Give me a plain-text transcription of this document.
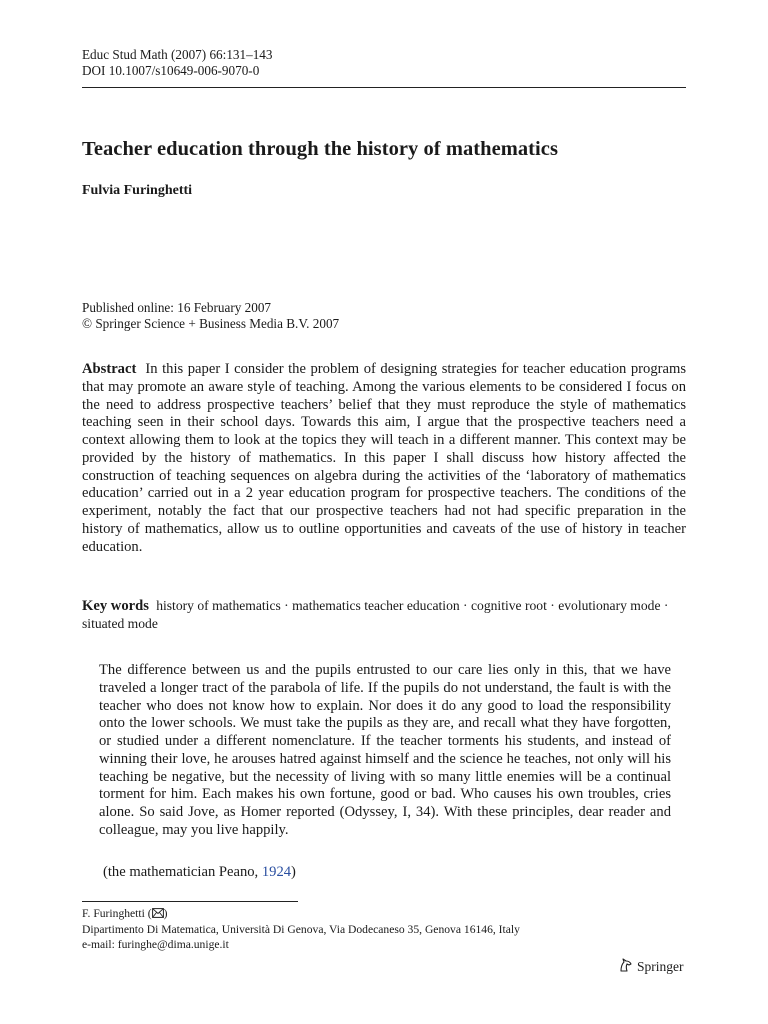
Educ Stud Math (2007) 66:131–143
DOI 10.1007/s10649-006-9070-0
Teacher education through the history of mathematics
Fulvia Furinghetti
Published online: 16 February 2007
© Springer Science + Business Media B.V. 2007
Abstract In this paper I consider the problem of designing strategies for teacher education programs that may promote an aware style of teaching. Among the various elements to be considered I focus on the need to address prospective teachers’ belief that they must reproduce the style of mathematics teaching seen in their school days. Towards this aim, I argue that the prospective teachers need a context allowing them to look at the topics they will teach in a different manner. This context may be provided by the history of mathematics. In this paper I shall discuss how history affected the construction of teaching sequences on algebra during the activities of the ‘laboratory of mathematics education’ carried out in a 2 year education program for prospective teachers. The conditions of the experiment, notably the fact that our prospective teachers had not had specific preparation in the history of mathematics, allow us to outline opportunities and caveats of the use of history in teacher education.
Key words history of mathematics · mathematics teacher education · cognitive root · evolutionary mode · situated mode
The difference between us and the pupils entrusted to our care lies only in this, that we have traveled a longer tract of the parabola of life. If the pupils do not understand, the fault is with the teacher who does not know how to explain. Nor does it do any good to load the responsibility onto the lower schools. We must take the pupils as they are, and recall what they have forgotten, or studied under a different nomenclature. If the teacher torments his students, and instead of winning their love, he arouses hatred against himself and the science he teaches, not only will his teaching be negative, but the necessity of living with so many little enemies will be a continual torment for him. Each makes his own fortune, good or bad. Who causes his own troubles, cries alone. So said Jove, as Homer reported (Odyssey, I, 34). With these principles, dear reader and colleague, may you live happily.
(the mathematician Peano, 1924)
F. Furinghetti ( )
Dipartimento Di Matematica, Università Di Genova, Via Dodecaneso 35, Genova 16146, Italy
e-mail: furinghe@dima.unige.it
Springer
